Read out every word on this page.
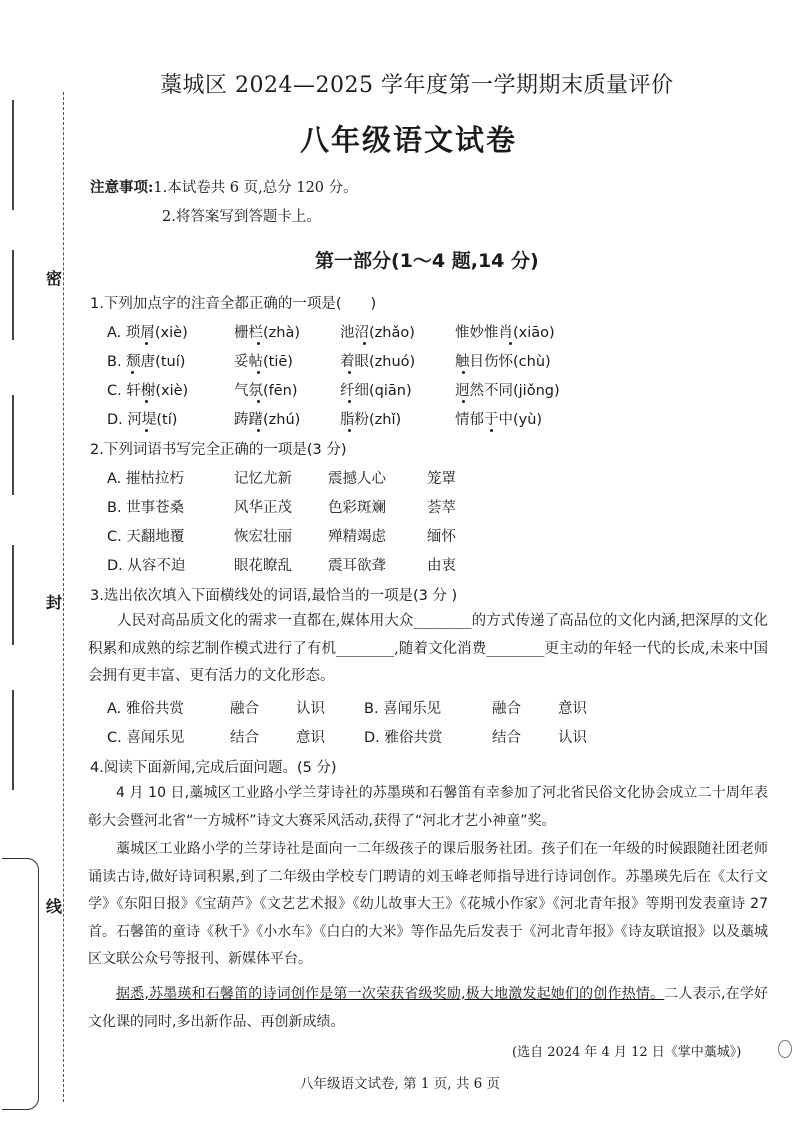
密
封
线
藁城区 2024—2025 学年度第一学期期末质量评价
八年级语文试卷
注意事项:1.本试卷共 6 页,总分 120 分。
2.将答案写到答题卡上。
第一部分(1～4 题,14 分)
1.下列加点字的注音全都正确的一项是(　　)
A. 琐屑(xiè)	栅栏(zhà)	池沼(zhǎo)	惟妙惟肖(xiāo)
B. 颓唐(tuí)	妥帖(tiē)	着眼(zhuó)	触目伤怀(chù)
C. 轩榭(xiè)	气氛(fēn)	纤细(qiān)	迥然不同(jiǒng)
D. 河堤(tí)	踌躇(zhú)	脂粉(zhǐ)	情郁于中(yù)
2.下列词语书写完全正确的一项是(3 分)
A. 摧枯拉朽	记忆尤新 震撼人心	笼罩
B. 世事苍桑	风华正茂 色彩斑斓	荟萃
C. 天翻地覆	恢宏壮丽 殚精竭虑	缅怀
D. 从容不迫	眼花瞭乱 震耳欲聋	由衷
3.选出依次填入下面横线处的词语,最恰当的一项是(3 分 )
人民对高品质文化的需求一直都在,媒体用大众________的方式传递了高品位的文化内涵,把深厚的文化积累和成熟的综艺制作模式进行了有机________,随着文化消费________更主动的年轻一代的长成,未来中国会拥有更丰富、更有活力的文化形态。
A. 雅俗共赏	融合	认识	B. 喜闻乐见	融合	意识
C. 喜闻乐见	结合	意识	D. 雅俗共赏	结合	认识
4.阅读下面新闻,完成后面问题。(5 分)
4 月 10 日,藁城区工业路小学兰芽诗社的苏墨瑛和石馨笛有幸参加了河北省民俗文化协会成立二十周年表彰大会暨河北省“一方城杯”诗文大赛采风活动,获得了“河北才艺小神童”奖。
藁城区工业路小学的兰芽诗社是面向一二年级孩子的课后服务社团。孩子们在一年级的时候跟随社团老师诵读古诗,做好诗词积累,到了二年级由学校专门聘请的刘玉峰老师指导进行诗词创作。苏墨瑛先后在《太行文学》《东阳日报》《宝葫芦》《文艺艺术报》《幼儿故事大王》《花城小作家》《河北青年报》等期刊发表童诗 27 首。石馨笛的童诗《秋千》《小水车》《白白的大米》等作品先后发表于《河北青年报》《诗友联谊报》以及藁城区文联公众号等报刊、新媒体平台。
据悉,苏墨瑛和石馨笛的诗词创作是第一次荣获省级奖励,极大地激发起她们的创作热情。二人表示,在学好文化课的同时,多出新作品、再创新成绩。
(选自 2024 年 4 月 12 日《掌中藁城》)
八年级语文试卷, 第 1 页, 共 6 页
